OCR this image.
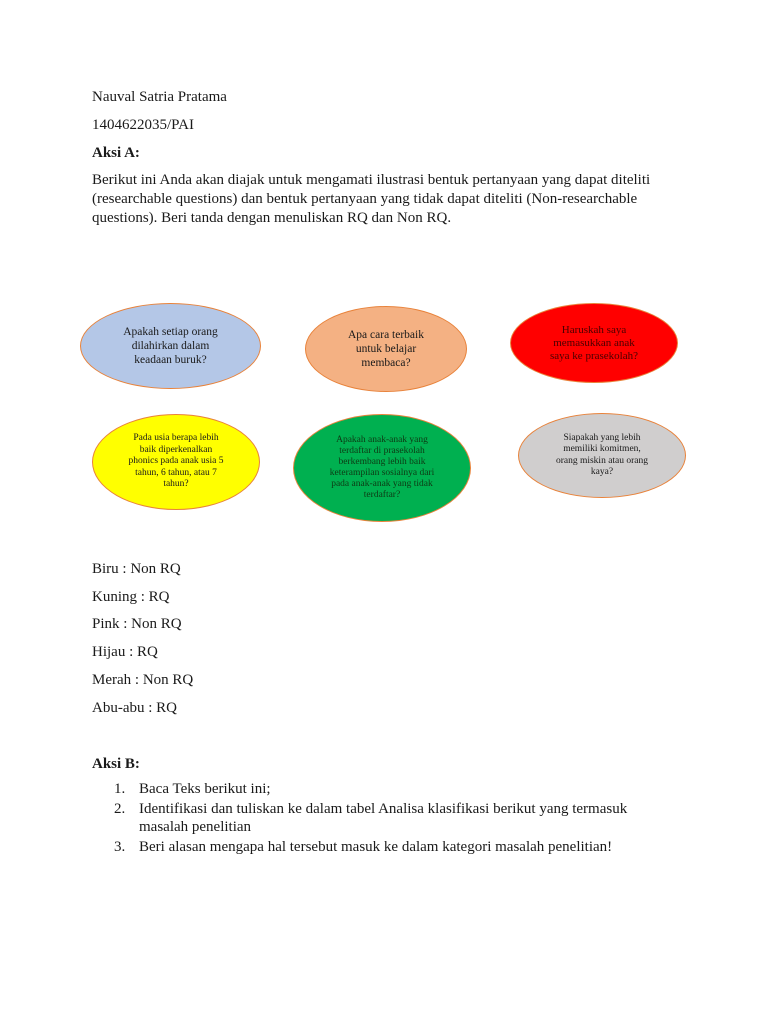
Nauval Satria Pratama
1404622035/PAI
Aksi A:
Berikut ini Anda akan diajak untuk mengamati ilustrasi bentuk pertanyaan yang dapat diteliti
(researchable questions) dan bentuk pertanyaan yang tidak dapat diteliti (Non-researchable
questions). Beri tanda dengan menuliskan RQ dan Non RQ.
Apakah setiap orang
dilahirkan dalam
keadaan buruk?
Apa cara terbaik
untuk belajar
membaca?
Haruskah saya
memasukkan anak
saya ke prasekolah?
Pada usia berapa lebih
baik diperkenalkan
phonics pada anak usia 5
tahun, 6 tahun, atau 7
tahun?
Apakah anak-anak yang
terdaftar di prasekolah
berkembang lebih baik
keterampilan sosialnya dari
pada anak-anak yang tidak
terdaftar?
Siapakah yang lebih
memiliki komitmen,
orang miskin atau orang
kaya?
Biru : Non RQ
Kuning : RQ
Pink : Non RQ
Hijau : RQ
Merah : Non RQ
Abu-abu : RQ
Aksi B:
1. Baca Teks berikut ini;
2. Identifikasi dan tuliskan ke dalam tabel Analisa klasifikasi berikut yang termasuk
masalah penelitian
3. Beri alasan mengapa hal tersebut masuk ke dalam kategori masalah penelitian!
